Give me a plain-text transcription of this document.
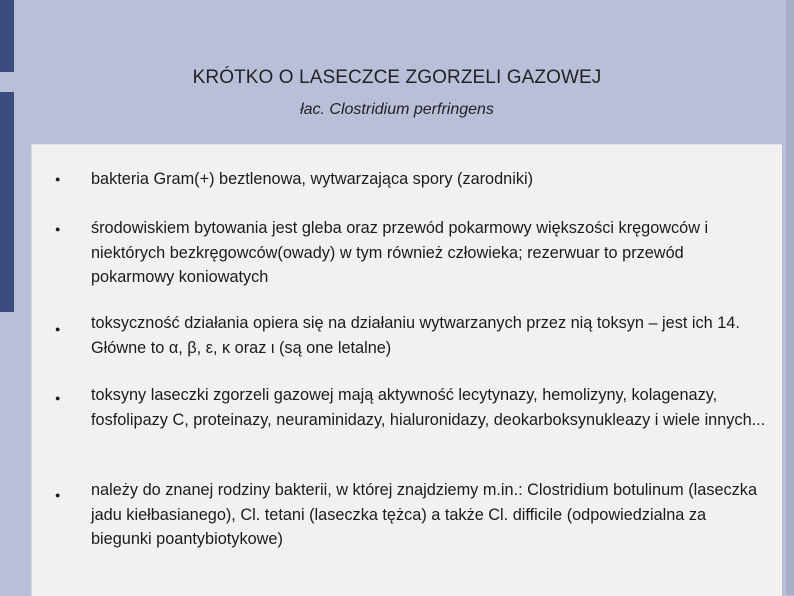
KRÓTKO O LASECZCE ZGORZELI GAZOWEJ
łac. Clostridium perfringens
● bakteria Gram(+) beztlenowa, wytwarzająca spory (zarodniki)
● środowiskiem bytowania jest gleba oraz przewód pokarmowy większości kręgowców i niektórych bezkręgowców(owady) w tym również człowieka; rezerwuar to przewód pokarmowy koniowatych
● toksyczność działania opiera się na działaniu wytwarzanych przez nią toksyn – jest ich 14. Główne to α, β, ε, κ oraz ι (są one letalne)
● toksyny laseczki zgorzeli gazowej mają aktywność lecytynazy, hemolizyny, kolagenazy, fosfolipazy C, proteinazy, neuraminidazy, hialuronidazy, deokarboksynukleazy i wiele innych...
● należy do znanej rodziny bakterii, w której znajdziemy m.in.: Clostridium botulinum (laseczka jadu kiełbasianego), Cl. tetani (laseczka tężca) a także Cl. difficile (odpowiedzialna za biegunki poantybiotykowe)
